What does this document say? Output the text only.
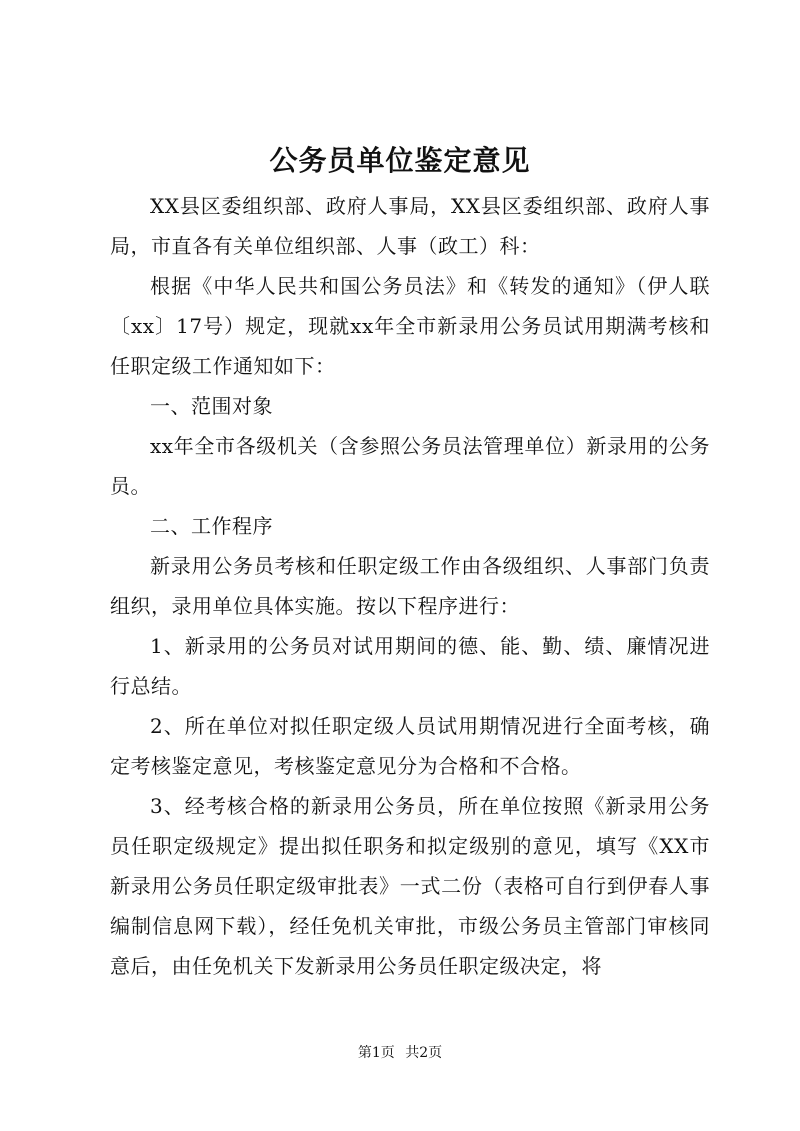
公务员单位鉴定意见

XX县区委组织部、政府人事局，XX县区委组织部、政府人事局，市直各有关单位组织部、人事（政工）科：

根据《中华人民共和国公务员法》和《转发的通知》（伊人联〔xx〕17号）规定，现就xx年全市新录用公务员试用期满考核和任职定级工作通知如下：

一、范围对象

xx年全市各级机关（含参照公务员法管理单位）新录用的公务员。

二、工作程序

新录用公务员考核和任职定级工作由各级组织、人事部门负责组织，录用单位具体实施。按以下程序进行：

1、新录用的公务员对试用期间的德、能、勤、绩、廉情况进行总结。

2、所在单位对拟任职定级人员试用期情况进行全面考核，确定考核鉴定意见，考核鉴定意见分为合格和不合格。

3、经考核合格的新录用公务员，所在单位按照《新录用公务员任职定级规定》提出拟任职务和拟定级别的意见，填写《XX市新录用公务员任职定级审批表》一式二份（表格可自行到伊春人事编制信息网下载），经任免机关审批，市级公务员主管部门审核同意后，由任免机关下发新录用公务员任职定级决定，将

第1页 共2页
